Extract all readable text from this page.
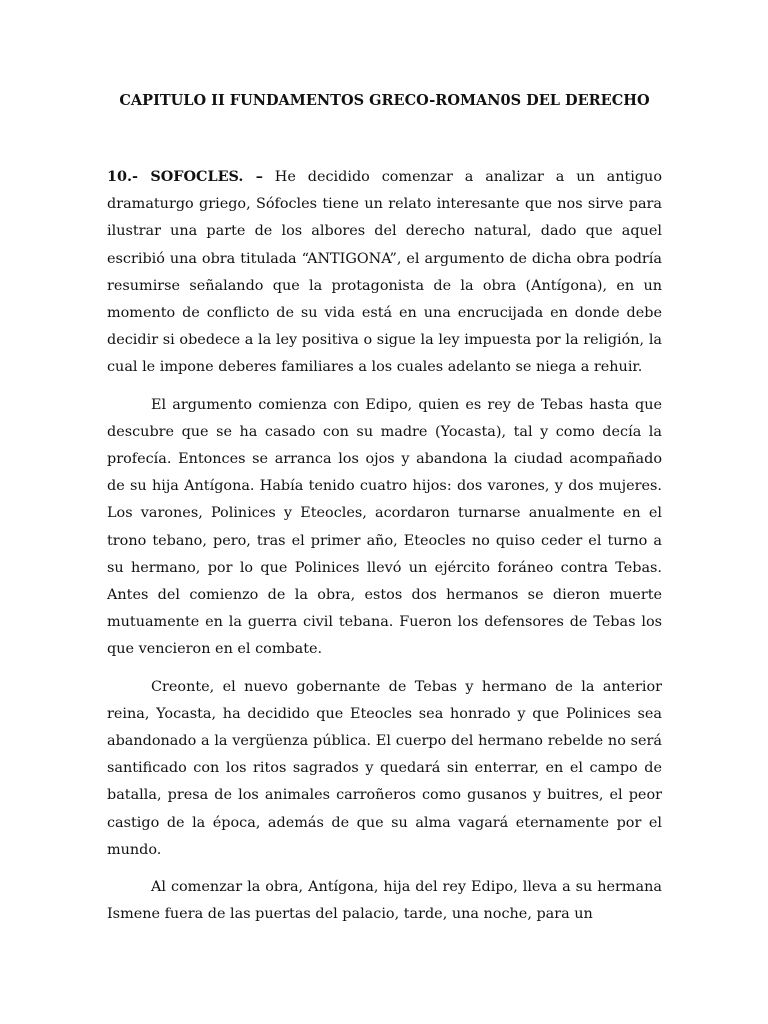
CAPITULO II FUNDAMENTOS GRECO-ROMAN0S DEL DERECHO

10.- SOFOCLES. – He decidido comenzar a analizar a un antiguo dramaturgo griego, Sófocles tiene un relato interesante que nos sirve para ilustrar una parte de los albores del derecho natural, dado que aquel escribió una obra titulada “ANTIGONA”, el argumento de dicha obra podría resumirse señalando que la protagonista de la obra (Antígona), en un momento de conflicto de su vida está en una encrucijada en donde debe decidir si obedece a la ley positiva o sigue la ley impuesta por la religión, la cual le impone deberes familiares a los cuales adelanto se niega a rehuir.

El argumento comienza con Edipo, quien es rey de Tebas hasta que descubre que se ha casado con su madre (Yocasta), tal y como decía la profecía. Entonces se arranca los ojos y abandona la ciudad acompañado de su hija Antígona. Había tenido cuatro hijos: dos varones, y dos mujeres. Los varones, Polinices y Eteocles, acordaron turnarse anualmente en el trono tebano, pero, tras el primer año, Eteocles no quiso ceder el turno a su hermano, por lo que Polinices llevó un ejército foráneo contra Tebas. Antes del comienzo de la obra, estos dos hermanos se dieron muerte mutuamente en la guerra civil tebana. Fueron los defensores de Tebas los que vencieron en el combate.

Creonte, el nuevo gobernante de Tebas y hermano de la anterior reina, Yocasta, ha decidido que Eteocles sea honrado y que Polinices sea abandonado a la vergüenza pública. El cuerpo del hermano rebelde no será santificado con los ritos sagrados y quedará sin enterrar, en el campo de batalla, presa de los animales carroñeros como gusanos y buitres, el peor castigo de la época, además de que su alma vagará eternamente por el mundo.

Al comenzar la obra, Antígona, hija del rey Edipo, lleva a su hermana Ismene fuera de las puertas del palacio, tarde, una noche, para un
